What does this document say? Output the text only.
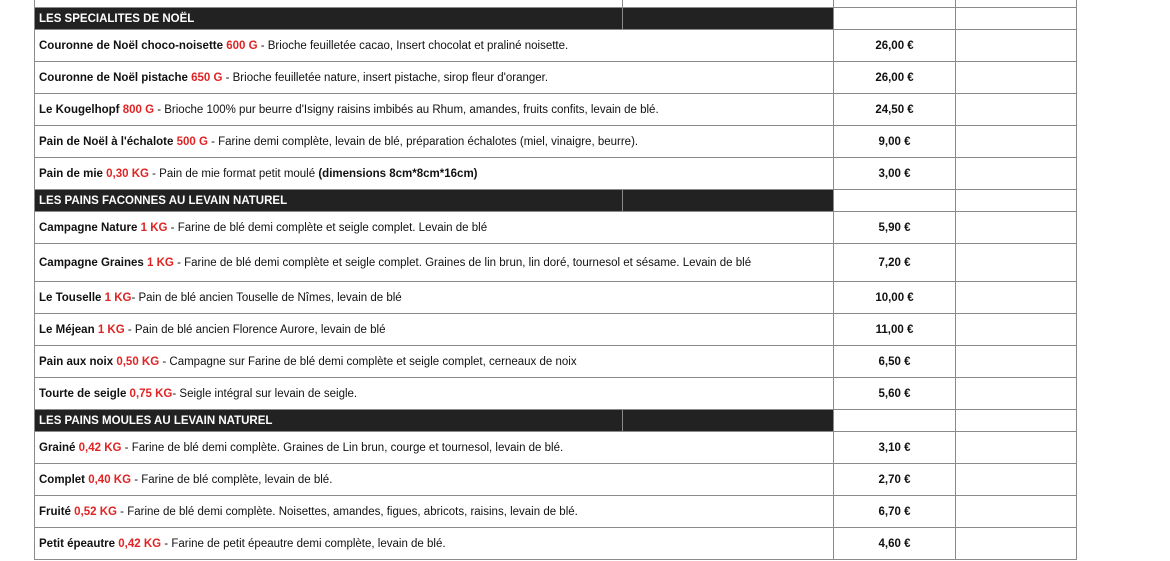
LES SPECIALITES DE NOËL			
Couronne de Noël choco-noisette 600 G - Brioche feuilletée cacao, Insert chocolat et praliné noisette.		26,00 €	
Couronne de Noël pistache 650 G - Brioche feuilletée nature, insert pistache, sirop fleur d'oranger.		26,00 €	
Le Kougelhopf 800 G - Brioche 100% pur beurre d'Isigny raisins imbibés au Rhum, amandes, fruits confits, levain de blé.		24,50 €	
Pain de Noël à l'échalote 500 G - Farine demi complète, levain de blé, préparation échalotes (miel, vinaigre, beurre).		9,00 €	
Pain de mie 0,30 KG - Pain de mie format petit moulé (dimensions 8cm*8cm*16cm)		3,00 €	
LES PAINS FACONNES AU LEVAIN NATUREL			
Campagne Nature 1 KG - Farine de blé demi complète et seigle complet. Levain de blé		5,90 €	
Campagne Graines 1 KG - Farine de blé demi complète et seigle complet. Graines de lin brun, lin doré, tournesol et sésame. Levain de blé		7,20 €	
Le Touselle 1 KG- Pain de blé ancien Touselle de Nîmes, levain de blé		10,00 €	
Le Méjean 1 KG - Pain de blé ancien Florence Aurore, levain de blé		11,00 €	
Pain aux noix 0,50 KG - Campagne sur Farine de blé demi complète et seigle complet, cerneaux de noix		6,50 €	
Tourte de seigle 0,75 KG- Seigle intégral sur levain de seigle.		5,60 €	
LES PAINS MOULES AU LEVAIN NATUREL			
Grainé 0,42 KG - Farine de blé demi complète. Graines de Lin brun, courge et tournesol, levain de blé.		3,10 €	
Complet 0,40 KG - Farine de blé complète, levain de blé.		2,70 €	
Fruité 0,52 KG - Farine de blé demi complète. Noisettes, amandes, figues, abricots, raisins, levain de blé.		6,70 €	
Petit épeautre 0,42 KG - Farine de petit épeautre demi complète, levain de blé.		4,60 €	
